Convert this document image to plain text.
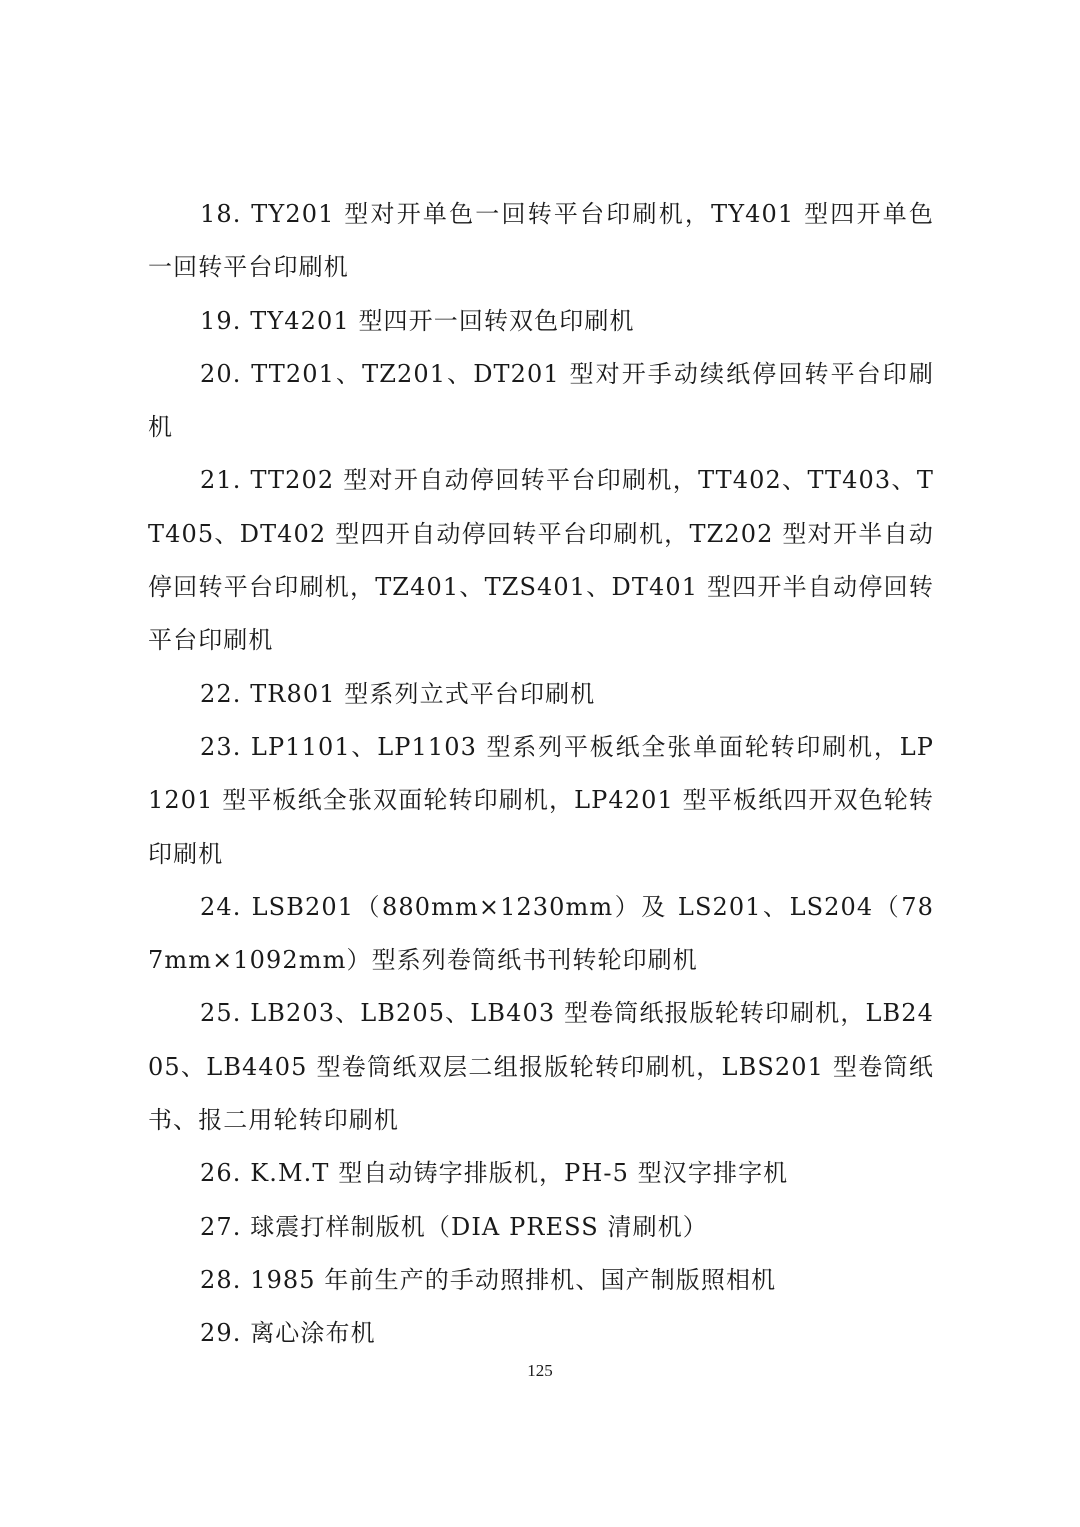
18. TY201 型对开单色一回转平台印刷机，TY401 型四开单色一回转平台印刷机

19. TY4201 型四开一回转双色印刷机

20. TT201、TZ201、DT201 型对开手动续纸停回转平台印刷机

21. TT202 型对开自动停回转平台印刷机，TT402、TT403、TT405、DT402 型四开自动停回转平台印刷机，TZ202 型对开半自动停回转平台印刷机，TZ401、TZS401、DT401 型四开半自动停回转平台印刷机

22. TR801 型系列立式平台印刷机

23. LP1101、LP1103 型系列平板纸全张单面轮转印刷机，LP1201 型平板纸全张双面轮转印刷机，LP4201 型平板纸四开双色轮转印刷机

24. LSB201（880mm×1230mm）及 LS201、LS204（787mm×1092mm）型系列卷筒纸书刊转轮印刷机

25. LB203、LB205、LB403 型卷筒纸报版轮转印刷机，LB2405、LB4405 型卷筒纸双层二组报版轮转印刷机，LBS201 型卷筒纸书、报二用轮转印刷机

26. K.M.T 型自动铸字排版机，PH-5 型汉字排字机

27. 球震打样制版机（DIA PRESS 清刷机）

28. 1985 年前生产的手动照排机、国产制版照相机

29. 离心涂布机

125
